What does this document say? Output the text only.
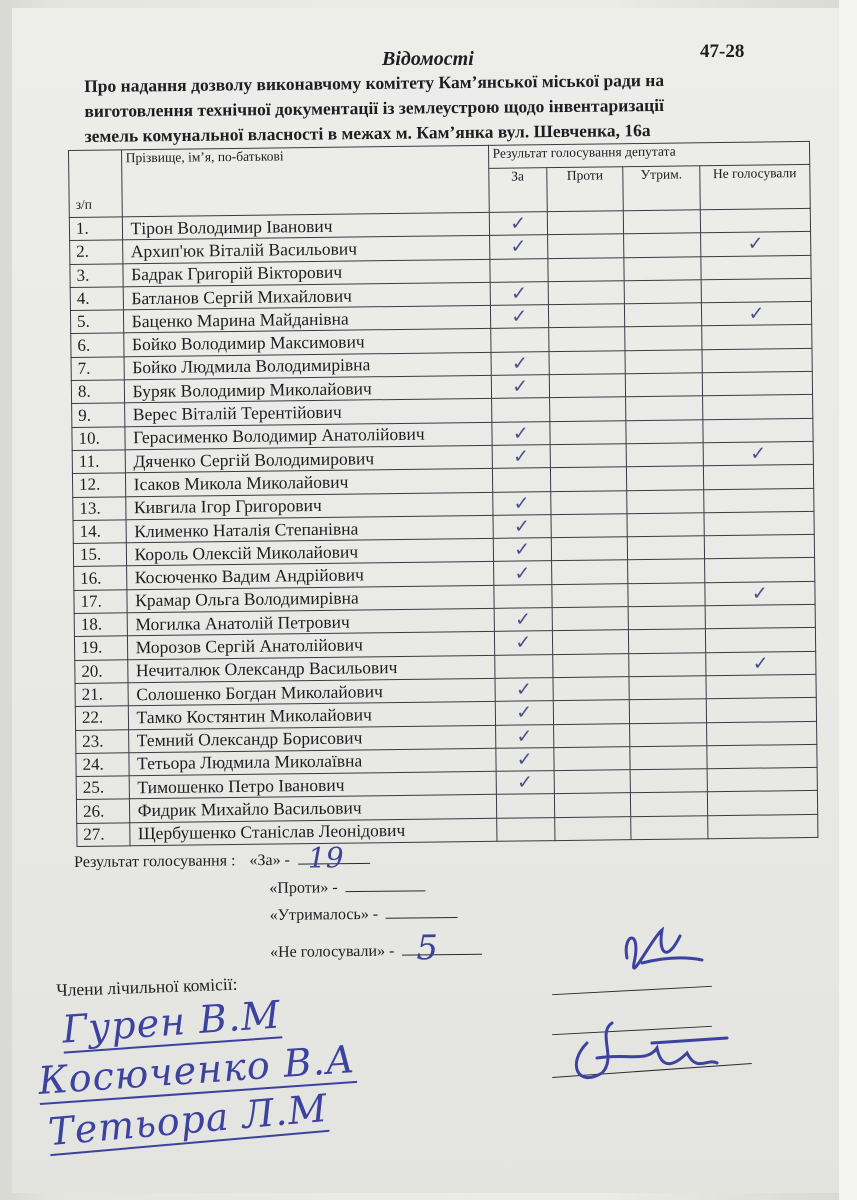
Відомості	47-28
Про надання дозволу виконавчому комітету Кам’янської міської ради на
виготовлення технічної документації із землеустрою щодо інвентаризації
земель комунальної власності в межах м. Кам’янка вул. Шевченка, 16а
з/п	Прізвище, ім’я, по-батькові	Результат голосування депутата			
		За	Проти	Утрим.	Не голосували
1.	Тірон Володимир Іванович	✓			
2.	Архип'юк Віталій Васильович	✓			✓
3.	Бадрак Григорій Вікторович				
4.	Батланов Сергій Михайлович	✓			
5.	Баценко Марина Майданівна	✓			✓
6.	Бойко Володимир Максимович				
7.	Бойко Людмила Володимирівна	✓			
8.	Буряк Володимир Миколайович	✓			
9.	Верес Віталій Терентійович				
10.	Герасименко Володимир Анатолійович	✓			
11.	Дяченко Сергій Володимирович	✓			✓
12.	Ісаков Микола Миколайович				
13.	Кивгила Ігор Григорович	✓			
14.	Клименко Наталія Степанівна	✓			
15.	Король Олексій Миколайович	✓			
16.	Косюченко Вадим Андрійович	✓			
17.	Крамар Ольга Володимирівна				✓
18.	Могилка Анатолій Петрович	✓			
19.	Морозов Сергій Анатолійович	✓			
20.	Нечиталюк Олександр Васильович				✓
21.	Солошенко Богдан Миколайович	✓			
22.	Тамко Костянтин Миколайович	✓			
23.	Темний Олександр Борисович	✓			
24.	Тетьора Людмила Миколаївна	✓			
25.	Тимошенко Петро Іванович	✓			
26.	Фидрик Михайло Васильович				
27.	Щербушенко Станіслав Леонідович				
Результат голосування : «За» - 19
«Проти» -
«Утрималось» -
«Не голосували» - 5
Члени лічильної комісії:
Гурен В.М
Косюченко В.А
Тетьора Л.М
